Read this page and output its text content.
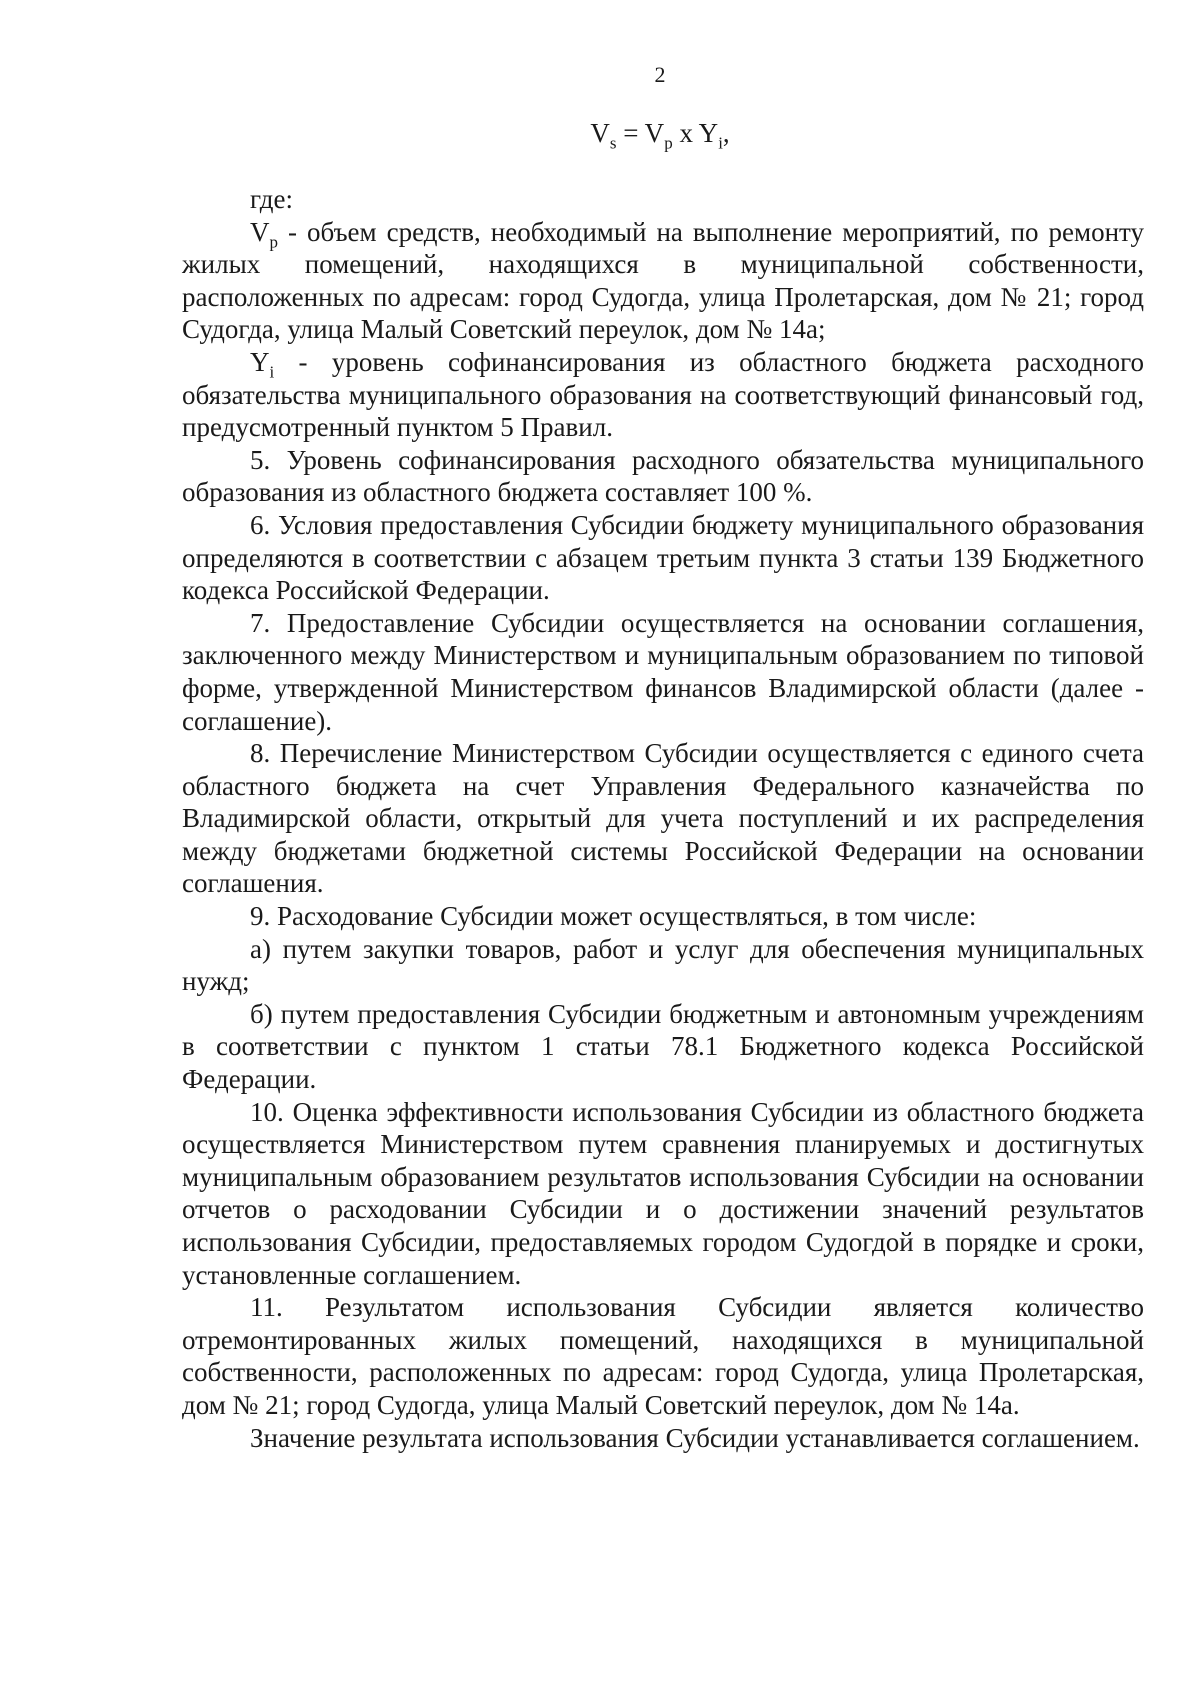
2
$V_s = V_p$ x $Y_i$,

где:

$V_p$ - объем средств, необходимый на выполнение мероприятий, по ремонту жилых помещений, находящихся в муниципальной собственности, расположенных по адресам: город Судогда, улица Пролетарская, дом № 21; город Судогда, улица Малый Советский переулок, дом № 14а;

$Y_i$ - уровень софинансирования из областного бюджета расходного обязательства муниципального образования на соответствующий финансовый год, предусмотренный пунктом 5 Правил.

5. Уровень софинансирования расходного обязательства муниципального образования из областного бюджета составляет 100 %.

6. Условия предоставления Субсидии бюджету муниципального образования определяются в соответствии с абзацем третьим пункта 3 статьи 139 Бюджетного кодекса Российской Федерации.

7. Предоставление Субсидии осуществляется на основании соглашения, заключенного между Министерством и муниципальным образованием по типовой форме, утвержденной Министерством финансов Владимирской области (далее - соглашение).

8. Перечисление Министерством Субсидии осуществляется с единого счета областного бюджета на счет Управления Федерального казначейства по Владимирской области, открытый для учета поступлений и их распределения между бюджетами бюджетной системы Российской Федерации на основании соглашения.

9. Расходование Субсидии может осуществляться, в том числе:

а) путем закупки товаров, работ и услуг для обеспечения муниципальных нужд;

б) путем предоставления Субсидии бюджетным и автономным учреждениям в соответствии с пунктом 1 статьи 78.1 Бюджетного кодекса Российской Федерации.

10. Оценка эффективности использования Субсидии из областного бюджета осуществляется Министерством путем сравнения планируемых и достигнутых муниципальным образованием результатов использования Субсидии на основании отчетов о расходовании Субсидии и о достижении значений результатов использования Субсидии, предоставляемых городом Судогдой в порядке и сроки, установленные соглашением.

11. Результатом использования Субсидии является количество отремонтированных жилых помещений, находящихся в муниципальной собственности, расположенных по адресам: город Судогда, улица Пролетарская, дом № 21; город Судогда, улица Малый Советский переулок, дом № 14а.

Значение результата использования Субсидии устанавливается соглашением.
